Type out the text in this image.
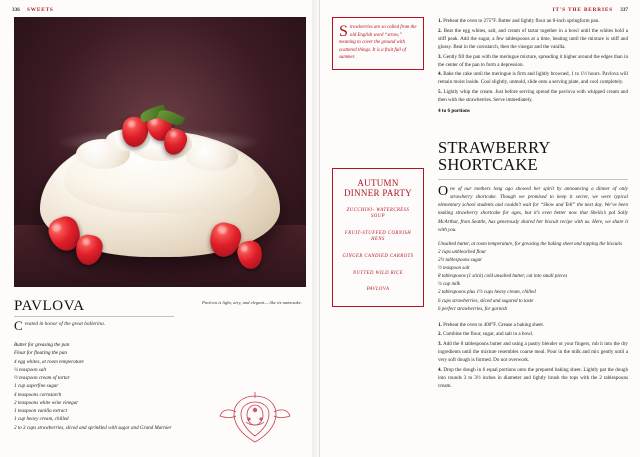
336 SWEETS
PAVLOVA
Created in honor of the great ballerina.
Butter for greasing the pan
Flour for flouring the pan
4 egg whites, at room temperature
¼ teaspoon salt
½ teaspoon cream of tartar
1 cup superfine sugar
4 teaspoons cornstarch
2 teaspoons white wine vinegar
1 teaspoon vanilla extract
1 cup heavy cream, chilled
2 to 3 cups strawberries, sliced and sprinkled with sugar and Grand Marnier
Pavlova is light, airy, and elegant— like its namesake.
IT'S THE BERRIES 337

Strawberries are so called from the old English word “straw,” meaning to cover the ground with scattered things. It is a fruit full of summer.

AUTUMN DINNER PARTY
ZUCCHINI- WATERCRESS SOUP
FRUIT-STUFFED CORNISH HENS
GINGER CANDIED CARROTS
NUTTED WILD RICE
PAVLOVA

1. Preheat the oven to 275°F. Butter and lightly flour an 8-inch springform pan.

2. Beat the egg whites, salt, and cream of tartar together in a bowl until the whites hold a stiff peak. Add the sugar, a few tablespoons at a time, beating until the mixture is stiff and glossy. Beat in the cornstarch, then the vinegar and the vanilla.

3. Gently fill the pan with the meringue mixture, spreading it higher around the edges than in the center of the pan to form a depression.

4. Bake the cake until the meringue is firm and lightly browned, 1 to 1½ hours. Pavlova will remain moist inside. Cool slightly, unmold, slide onto a serving plate, and cool completely.

5. Lightly whip the cream. Just before serving spread the pavlova with whipped cream and then with the strawberries. Serve immediately.

4 to 6 portions
STRAWBERRY
SHORTCAKE
One of our mothers long ago showed her spirit by announcing a dinner of only strawberry shortcake. Though we promised to keep it secret, we were typical elementary school students and couldn’t wait for “Show and Tell” the next day. We’ve been making strawberry shortcake for ages, but it’s even better now that Sheila’s pal Sally McArthur, from Seattle, has generously shared her biscuit recipe with us. Here, we share it with you.
Unsalted butter, at room temperature, for greasing the baking sheet and topping the biscuits
2 cups unbleached flour
2½ tablespoons sugar
½ teaspoon salt
8 tablespoons (1 stick) cold unsalted butter, cut into small pieces
¼ cup milk
2 tablespoons plus 1½ cups heavy cream, chilled
6 cups strawberries, sliced and sugared to taste
6 perfect strawberries, for garnish

1. Preheat the oven to 400°F. Grease a baking sheet.

2. Combine the flour, sugar, and salt in a bowl.

3. Add the 8 tablespoons butter and using a pastry blender or your fingers, rub it into the dry ingredients until the mixture resembles coarse meal. Pour in the milk and mix gently until a very soft dough is formed. Do not overwork.

4. Drop the dough in 6 equal portions onto the prepared baking sheet. Lightly pat the dough into rounds 3 to 3½ inches in diameter and lightly brush the tops with the 2 tablespoons cream.
